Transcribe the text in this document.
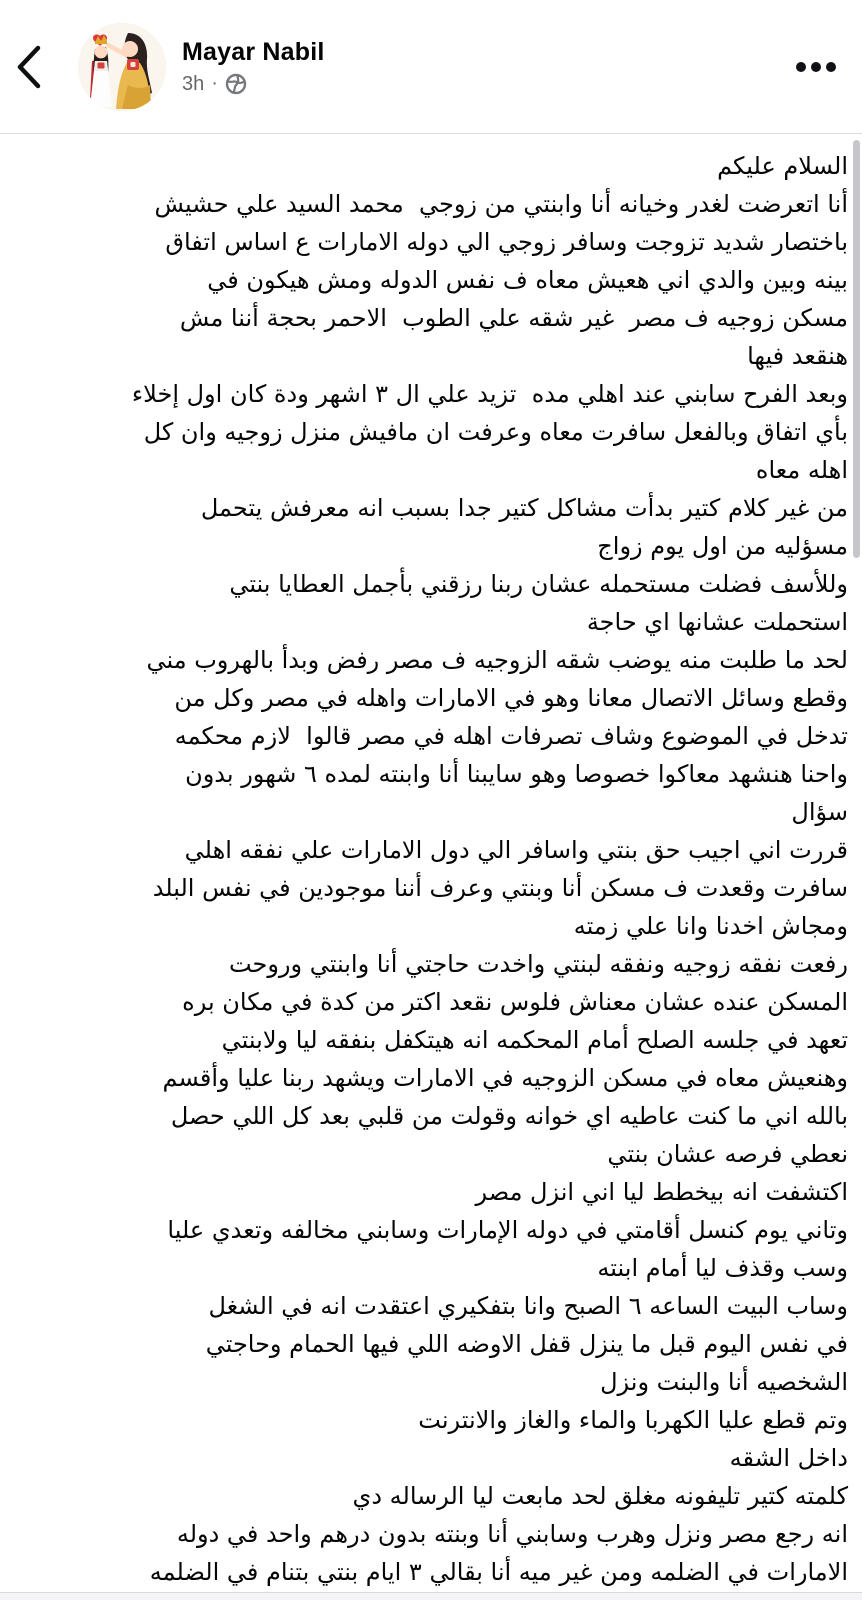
Mayar Nabil
3h ·
السلام عليكم
أنا اتعرضت لغدر وخيانه أنا وابنتي من زوجي  محمد السيد علي حشيش
باختصار شديد تزوجت وسافر زوجي الي دوله الامارات ع اساس اتفاق
بينه وبين والدي اني هعيش معاه ف نفس الدوله ومش هيكون في
مسكن زوجيه ف مصر  غير شقه علي الطوب  الاحمر بحجة أننا مش
هنقعد فيها
وبعد الفرح سابني عند اهلي مده  تزيد علي ال ٣ اشهر ودة كان اول إخلاء
بأي اتفاق وبالفعل سافرت معاه وعرفت ان مافيش منزل زوجيه وان كل
اهله معاه
من غير كلام كتير بدأت مشاكل كتير جدا بسبب انه معرفش يتحمل
مسؤليه من اول يوم زواج
وللأسف فضلت مستحمله عشان ربنا رزقني بأجمل العطايا بنتي
استحملت عشانها اي حاجة
لحد ما طلبت منه يوضب شقه الزوجيه ف مصر رفض وبدأ بالهروب مني
وقطع وسائل الاتصال معانا وهو في الامارات واهله في مصر وكل من
تدخل في الموضوع وشاف تصرفات اهله في مصر قالوا  لازم محكمه
واحنا هنشهد معاكوا خصوصا وهو سايبنا أنا وابنته لمده ٦ شهور بدون
سؤال
قررت اني اجيب حق بنتي واسافر الي دول الامارات علي نفقه اهلي
سافرت وقعدت ف مسكن أنا وبنتي وعرف أننا موجودين في نفس البلد
ومجاش اخدنا وانا علي زمته
رفعت نفقه زوجيه ونفقه لبنتي واخدت حاجتي أنا وابنتي وروحت
المسكن عنده عشان معناش فلوس نقعد اكتر من كدة في مكان بره
تعهد في جلسه الصلح أمام المحكمه انه هيتكفل بنفقه ليا ولابنتي
وهنعيش معاه في مسكن الزوجيه في الامارات ويشهد ربنا عليا وأقسم
بالله اني ما كنت عاطيه اي خوانه وقولت من قلبي بعد كل اللي حصل
نعطي فرصه عشان بنتي
اكتشفت انه بيخطط ليا اني انزل مصر
وتاني يوم كنسل أقامتي في دوله الإمارات وسابني مخالفه وتعدي عليا
وسب وقذف ليا أمام ابنته
وساب البيت الساعه ٦ الصبح وانا بتفكيري اعتقدت انه في الشغل
في نفس اليوم قبل ما ينزل قفل الاوضه اللي فيها الحمام وحاجتي
الشخصيه أنا والبنت ونزل
وتم قطع عليا الكهربا والماء والغاز والانترنت
داخل الشقه
كلمته كتير تليفونه مغلق لحد مابعت ليا الرساله دي
انه رجع مصر ونزل وهرب وسابني أنا وبنته بدون درهم واحد في دوله
الامارات في الضلمه ومن غير ميه أنا بقالي ٣ ايام بنتي بتنام في الضلمه
